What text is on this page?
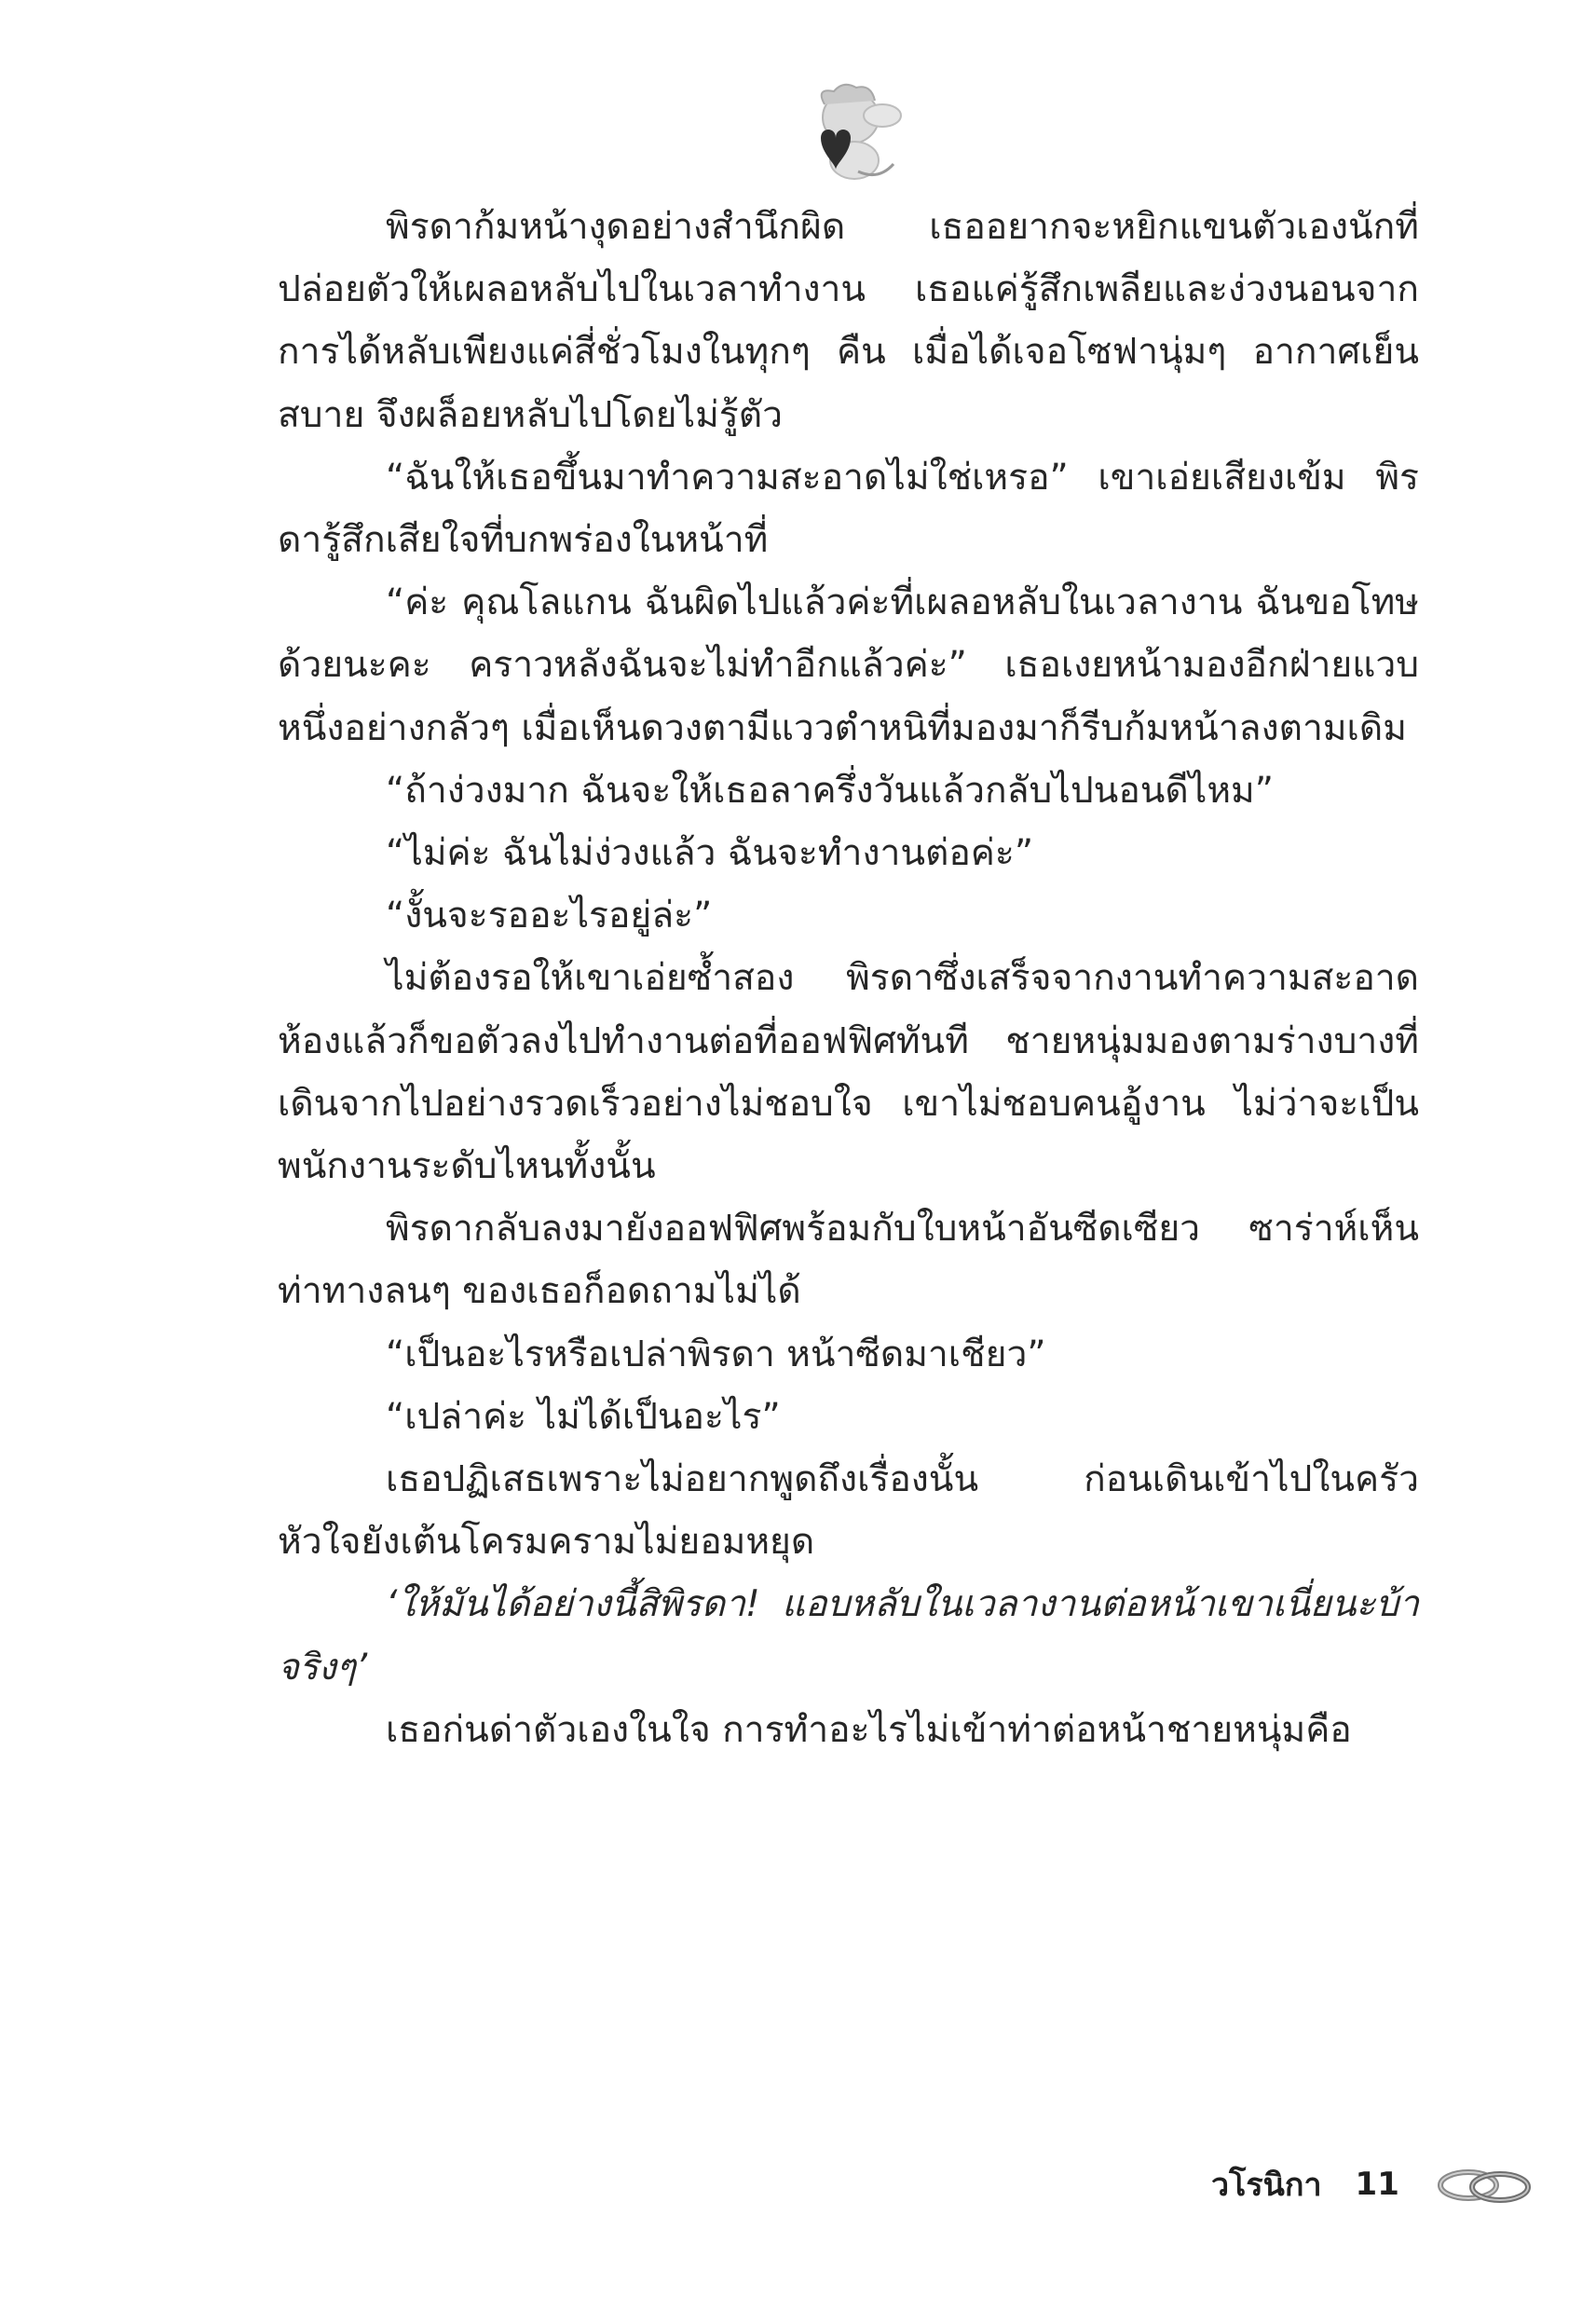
พิรดาก้มหน้างุดอย่างสำนึกผิด เธออยากจะหยิกแขนตัวเองนักที่ปล่อยตัวให้เผลอหลับไปในเวลาทำงาน เธอแค่รู้สึกเพลียและง่วงนอนจากการได้หลับเพียงแค่สี่ชั่วโมงในทุกๆ คืน เมื่อได้เจอโซฟานุ่มๆ อากาศเย็นสบาย จึงผล็อยหลับไปโดยไม่รู้ตัว

“ฉันให้เธอขึ้นมาทำความสะอาดไม่ใช่เหรอ” เขาเอ่ยเสียงเข้ม พิรดารู้สึกเสียใจที่บกพร่องในหน้าที่

“ค่ะ คุณโลแกน ฉันผิดไปแล้วค่ะที่เผลอหลับในเวลางาน ฉันขอโทษด้วยนะคะ คราวหลังฉันจะไม่ทำอีกแล้วค่ะ” เธอเงยหน้ามองอีกฝ่ายแวบหนึ่งอย่างกลัวๆ เมื่อเห็นดวงตามีแววตำหนิที่มองมาก็รีบก้มหน้าลงตามเดิม

“ถ้าง่วงมาก ฉันจะให้เธอลาครึ่งวันแล้วกลับไปนอนดีไหม”

“ไม่ค่ะ ฉันไม่ง่วงแล้ว ฉันจะทำงานต่อค่ะ”

“งั้นจะรออะไรอยู่ล่ะ”

ไม่ต้องรอให้เขาเอ่ยซ้ำสอง พิรดาซึ่งเสร็จจากงานทำความสะอาดห้องแล้วก็ขอตัวลงไปทำงานต่อที่ออฟฟิศทันที ชายหนุ่มมองตามร่างบางที่เดินจากไปอย่างรวดเร็วอย่างไม่ชอบใจ เขาไม่ชอบคนอู้งาน ไม่ว่าจะเป็นพนักงานระดับไหนทั้งนั้น

พิรดากลับลงมายังออฟฟิศพร้อมกับใบหน้าอันซีดเซียว ซาร่าห์เห็นท่าทางลนๆ ของเธอก็อดถามไม่ได้

“เป็นอะไรหรือเปล่าพิรดา หน้าซีดมาเชียว”

“เปล่าค่ะ ไม่ได้เป็นอะไร”

เธอปฏิเสธเพราะไม่อยากพูดถึงเรื่องนั้น ก่อนเดินเข้าไปในครัว หัวใจยังเต้นโครมครามไม่ยอมหยุด

‘ให้มันได้อย่างนี้สิพิรดา! แอบหลับในเวลางานต่อหน้าเขาเนี่ยนะบ้าจริงๆ’

เธอก่นด่าตัวเองในใจ การทำอะไรไม่เข้าท่าต่อหน้าชายหนุ่มคือ

วโรนิกา 11
